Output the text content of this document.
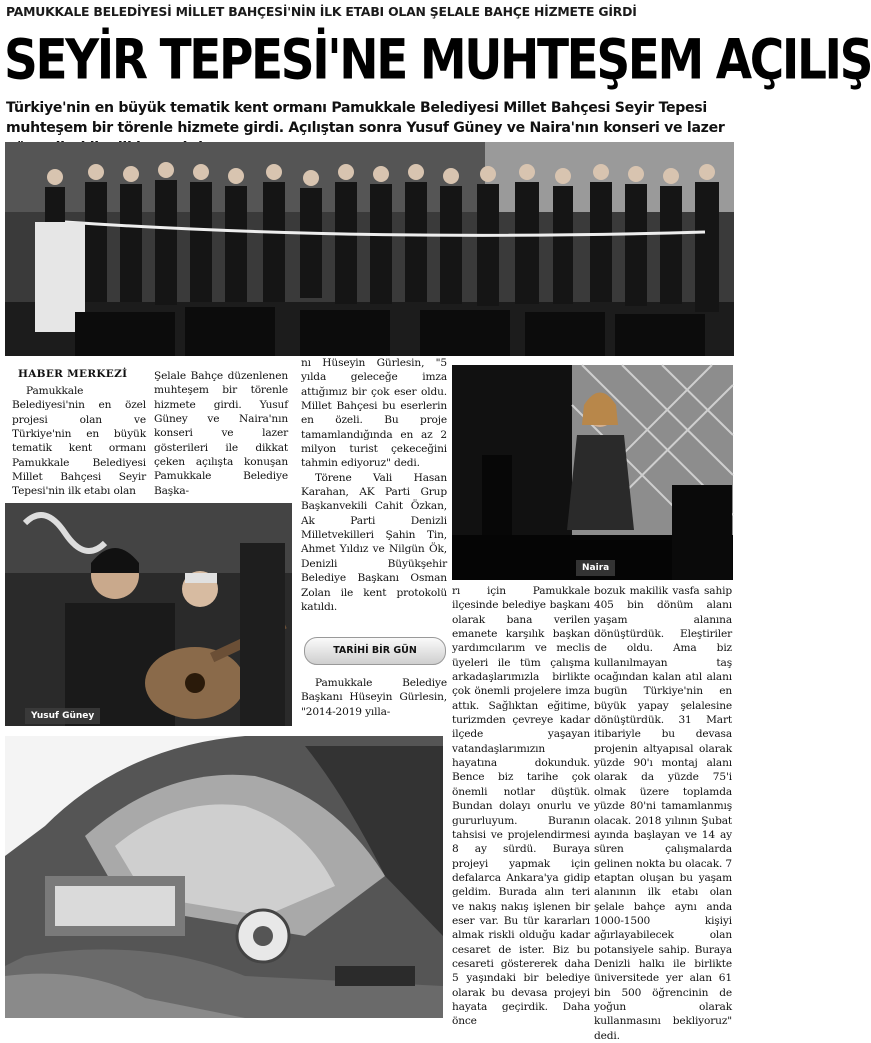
PAMUKKALE BELEDİYESİ MİLLET BAHÇESİ'NİN İLK ETABI OLAN ŞELALE BAHÇE HİZMETE GİRDİ
SEYİR TEPESİ'NE MUHTEŞEM AÇILIŞ
Türkiye'nin en büyük tematik kent ormanı Pamukkale Belediyesi Millet Bahçesi Seyir Tepesi muhteşem bir törenle hizmete girdi. Açılıştan sonra Yusuf Güney ve Naira'nın konseri ve lazer
HABER MERKEZİ

Pamukkale Belediyesi'nin en özel projesi olan ve Türkiye'nin en büyük tematik kent ormanı Pamukkale Belediyesi Millet Bahçesi Seyir Tepesi'nin ilk etabı olan

Şelale Bahçe düzenlenen muhteşem bir törenle hizmete girdi. Yusuf Güney ve Naira'nın konseri ve lazer gösterileri ile dikkat çeken açılışta konuşan Pamukkale Belediye Başka-

Yusuf Güney

nı Hüseyin Gürlesin, "5 yılda geleceğe imza attığımız bir çok eser oldu. Millet Bahçesi bu eserlerin en özeli. Bu proje tamamlandığında en az 2 milyon turist çekeceğini tahmin ediyoruz" dedi.

Törene Vali Hasan Karahan, AK Parti Grup Başkanvekili Cahit Özkan, Ak Parti Denizli Milletvekilleri Şahin Tin, Ahmet Yıldız ve Nilgün Ök, Denizli Büyükşehir Belediye Başkanı Osman Zolan ile kent protokolü katıldı.

TARİHİ BİR GÜN

Pamukkale Belediye Başkanı Hüseyin Gürlesin, "2014-2019 yılla-

Naira

rı için Pamukkale ilçesinde belediye başkanı olarak bana verilen emanete karşılık başkan yardımcılarım ve meclis üyeleri ile tüm çalışma arkadaşlarımızla birlikte çok önemli projelere imza attık. Sağlıktan eğitime, turizmden çevreye kadar ilçede yaşayan vatandaşlarımızın hayatına dokunduk. Bence biz tarihe çok önemli notlar düştük. Bundan dolayı onurlu ve gururluyum. Buranın tahsisi ve projelendirmesi 8 ay sürdü. Buraya projeyi yapmak için defalarca Ankara'ya gidip geldim. Burada alın teri ve nakış nakış işlenen bir eser var. Bu tür kararları almak riskli olduğu kadar cesaret de ister. Biz bu cesareti göstererek daha 5 yaşındaki bir belediye olarak bu devasa projeyi hayata geçirdik. Daha önce

bozuk makilik vasfa sahip 405 bin dönüm alanı yaşam alanına dönüştürdük. Eleştiriler de oldu. Ama biz kullanılmayan taş ocağından kalan atıl alanı bugün Türkiye'nin en büyük yapay şelalesine dönüştürdük. 31 Mart itibariyle bu devasa projenin altyapısal olarak yüzde 90'ı montaj alanı olarak da yüzde 75'i olmak üzere toplamda yüzde 80'ni tamamlanmış olacak. 2018 yılının Şubat ayında başlayan ve 14 ay süren çalışmalarda gelinen nokta bu olacak. 7 etaptan oluşan bu yaşam alanının ilk etabı olan şelale bahçe aynı anda 1000-1500 kişiyi ağırlayabilecek olan potansiyele sahip. Buraya Denizli halkı ile birlikte üniversitede yer alan 61 bin 500 öğrencinin de yoğun olarak kullanmasını bekliyoruz" dedi.
